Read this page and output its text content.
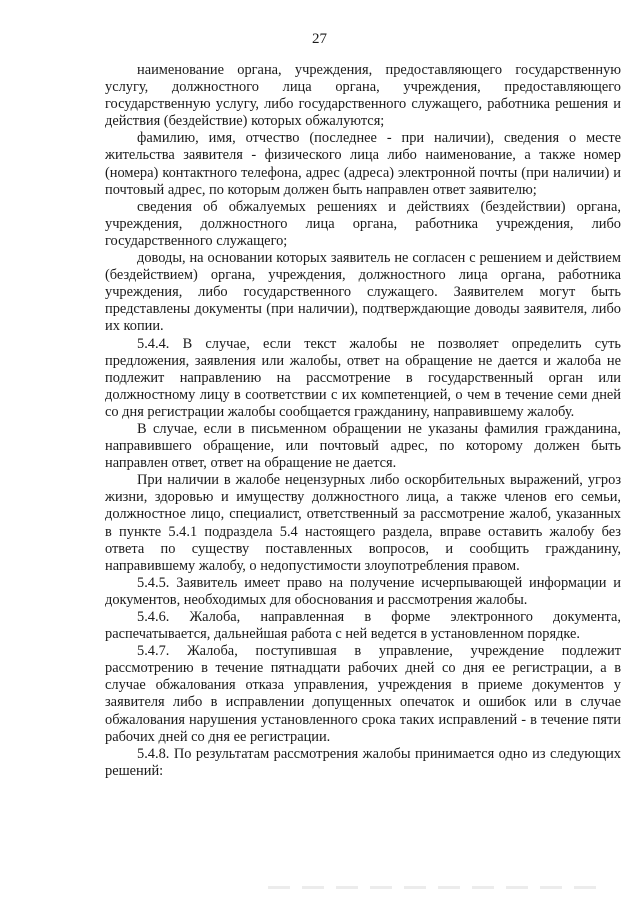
27

наименование органа, учреждения, предоставляющего государственную услугу, должностного лица органа, учреждения, предоставляющего государственную услугу, либо государственного служащего, работника решения и действия (бездействие) которых обжалуются;

фамилию, имя, отчество (последнее - при наличии), сведения о месте жительства заявителя - физического лица либо наименование, а также номер (номера) контактного телефона, адрес (адреса) электронной почты (при наличии) и почтовый адрес, по которым должен быть направлен ответ заявителю;

сведения об обжалуемых решениях и действиях (бездействии) органа, учреждения, должностного лица органа, работника учреждения, либо государственного служащего;

доводы, на основании которых заявитель не согласен с решением и действием (бездействием) органа, учреждения, должностного лица органа, работника учреждения, либо государственного служащего. Заявителем могут быть представлены документы (при наличии), подтверждающие доводы заявителя, либо их копии.

5.4.4. В случае, если текст жалобы не позволяет определить суть предложения, заявления или жалобы, ответ на обращение не дается и жалоба не подлежит направлению на рассмотрение в государственный орган или должностному лицу в соответствии с их компетенцией, о чем в течение семи дней со дня регистрации жалобы сообщается гражданину, направившему жалобу.

В случае, если в письменном обращении не указаны фамилия гражданина, направившего обращение, или почтовый адрес, по которому должен быть направлен ответ, ответ на обращение не дается.

При наличии в жалобе нецензурных либо оскорбительных выражений, угроз жизни, здоровью и имуществу должностного лица, а также членов его семьи, должностное лицо, специалист, ответственный за рассмотрение жалоб, указанных в пункте 5.4.1 подраздела 5.4 настоящего раздела, вправе оставить жалобу без ответа по существу поставленных вопросов, и сообщить гражданину, направившему жалобу, о недопустимости злоупотребления правом.

5.4.5. Заявитель имеет право на получение исчерпывающей информации и документов, необходимых для обоснования и рассмотрения жалобы.

5.4.6. Жалоба, направленная в форме электронного документа, распечатывается, дальнейшая работа с ней ведется в установленном порядке.

5.4.7. Жалоба, поступившая в управление, учреждение подлежит рассмотрению в течение пятнадцати рабочих дней со дня ее регистрации, а в случае обжалования отказа управления, учреждения в приеме документов у заявителя либо в исправлении допущенных опечаток и ошибок или в случае обжалования нарушения установленного срока таких исправлений - в течение пяти рабочих дней со дня ее регистрации.

5.4.8. По результатам рассмотрения жалобы принимается одно из следующих решений:
